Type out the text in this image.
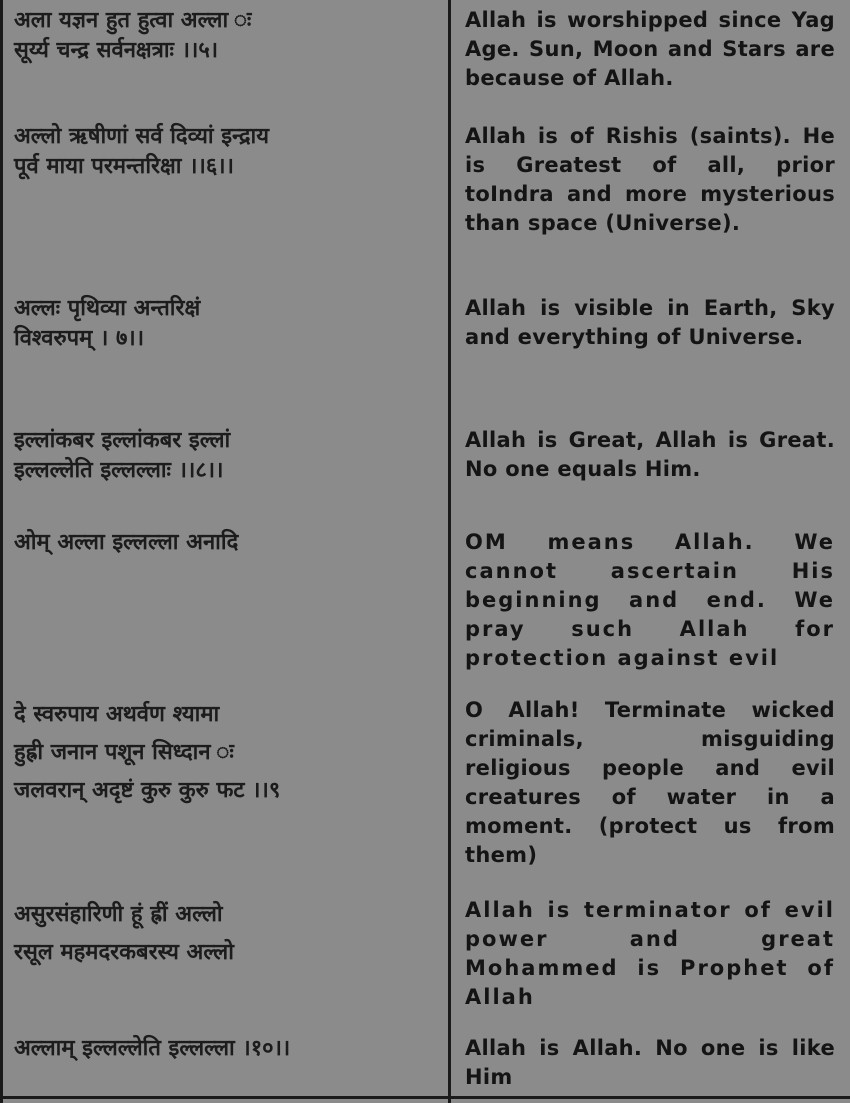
अला यज्ञन हुत हुत्वा अल्ला ः
सूर्य्य चन्द्र सर्वनक्षत्राः ।।५।
Allah is worshipped since Yag Age. Sun, Moon and Stars are because of Allah.
अल्लो ऋषीणां सर्व दिव्यां इन्द्राय
पूर्व माया परमन्तरिक्षा ।।६।।
Allah is of Rishis (saints). He is Greatest of all, prior toIndra and more mysterious than space (Universe).
अल्लः पृथिव्या अन्तरिक्षं
विश्वरुपम् । ७।।
Allah is visible in Earth, Sky and everything of Universe.
इल्लांकबर इल्लांकबर इल्लां
इल्लल्लेति इल्लल्लाः ।।८।।
Allah is Great, Allah is Great. No one equals Him.
ओम् अल्ला इल्लल्ला अनादि	OM means Allah. We cannot ascertain His beginning and end. We pray such Allah for protection against evil
दे स्वरुपाय अथर्वण श्यामा
हुह्री जनान पशून सिध्दान ः
जलवरान् अदृष्टं कुरु कुरु फट ।।९
O Allah! Terminate wicked criminals, misguiding religious people and evil creatures of water in a moment. (protect us from them)
असुरसंहारिणी हूं ह्रीं अल्लो
रसूल महमदरकबरस्य अल्लो
Allah is terminator of evil power and great Mohammed is Prophet of Allah
अल्लाम् इल्लल्लेति इल्लल्ला ।१०।।	Allah is Allah. No one is like Him
